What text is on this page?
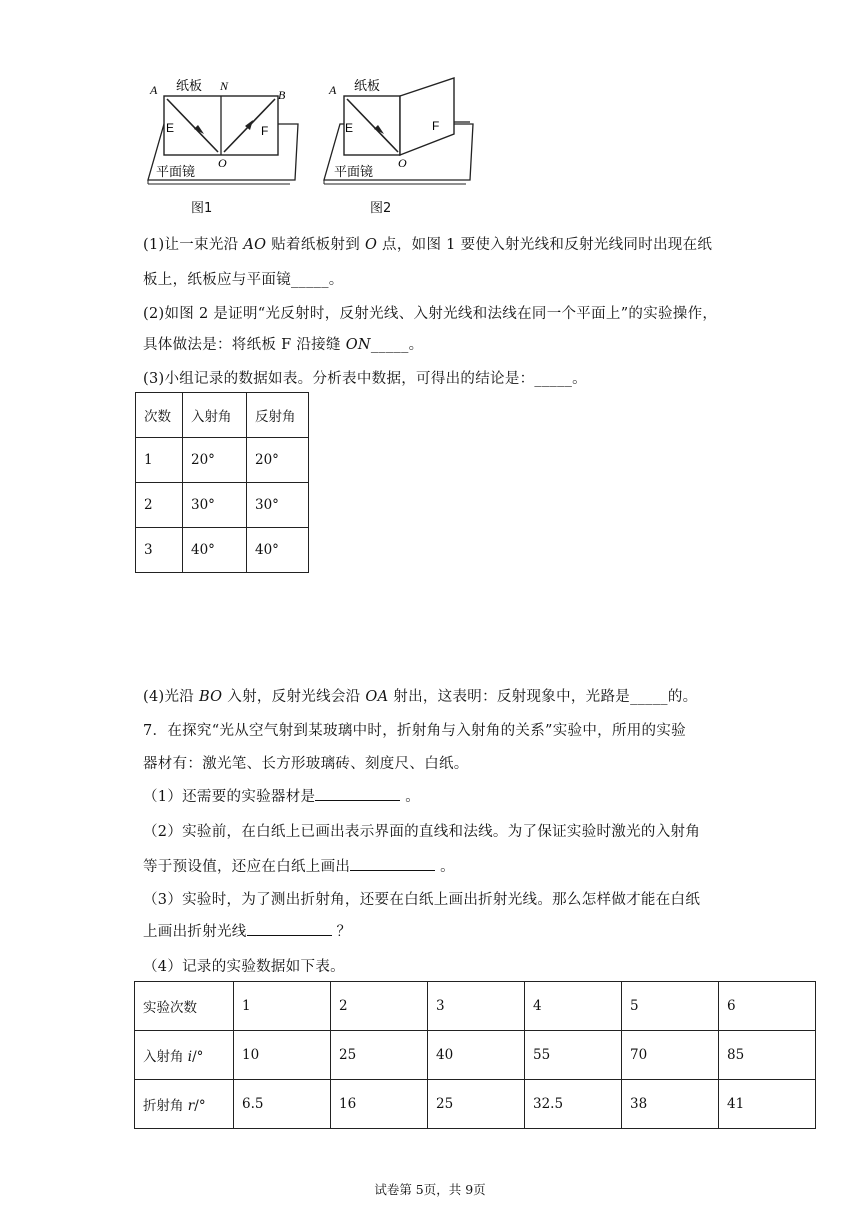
A 纸板 N
B
E	F
O
平面镜
图1
A 纸板
E	F
O
平面镜
图2
(1)让一束光沿 AO 贴着纸板射到 O 点，如图 1 要使入射光线和反射光线同时出现在纸
板上，纸板应与平面镜_____。
(2)如图 2 是证明“光反射时，反射光线、入射光线和法线在同一个平面上”的实验操作，
具体做法是：将纸板 F 沿接缝 ON_____。
(3)小组记录的数据如表。分析表中数据，可得出的结论是：_____。
次数	入射角	反射角
1	20°	20°
2	30°	30°
3	40°	40°
(4)光沿 BO 入射，反射光线会沿 OA 射出，这表明：反射现象中，光路是_____的。
7．在探究“光从空气射到某玻璃中时，折射角与入射角的关系”实验中，所用的实验
器材有：激光笔、长方形玻璃砖、刻度尺、白纸。
（1）还需要的实验器材是	。
（2）实验前，在白纸上已画出表示界面的直线和法线。为了保证实验时激光的入射角
等于预设值，还应在白纸上画出	。
（3）实验时，为了测出折射角，还要在白纸上画出折射光线。那么怎样做才能在白纸
上画出折射光线	？
（4）记录的实验数据如下表。
实验次数	1	2	3	4	5	6
入射角 i/°	10	25	40	55	70	85
折射角 r/°	6.5	16	25	32.5	38	41
试卷第 5页，共 9页
